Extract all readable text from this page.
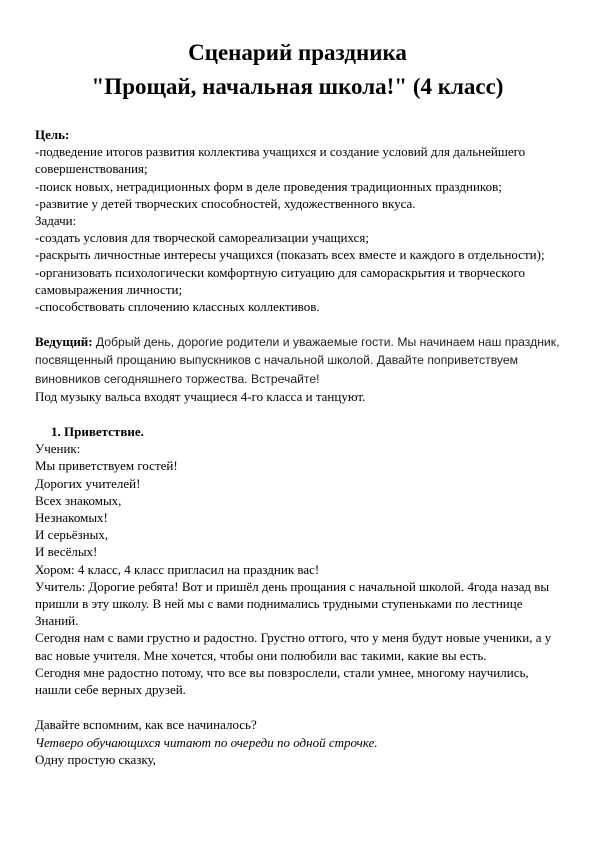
Сценарий праздника
"Прощай, начальная школа!" (4 класс)

Цель:

-подведение итогов развития коллектива учащихся и создание условий для дальнейшего совершенствования;

-поиск новых, нетрадиционных форм в деле проведения традиционных праздников;

-развитие у детей творческих способностей, художественного вкуса.

Задачи:

-создать условия для творческой самореализации учащихся;

-раскрыть личностные интересы учащихся (показать всех вместе и каждого в отдельности);

-организовать психологически комфортную ситуацию для самораскрытия и творческого самовыражения личности;

-способствовать сплочению классных коллективов.

Ведущий: Добрый день, дорогие родители и уважаемые гости. Мы начинаем наш праздник, посвященный прощанию выпускников с начальной школой. Давайте поприветствуем виновников сегодняшнего торжества. Встречайте!

Под музыку вальса входят учащиеся 4-го класса и танцуют.

1. Приветствие.

Ученик:

Мы приветствуем гостей!

Дорогих учителей!

Всех знакомых,

Незнакомых!

И серьёзных,

И весёлых!

Хором: 4 класс, 4 класс пригласил на праздник вас!

Учитель: Дорогие ребята! Вот и пришёл день прощания с начальной школой. 4года назад вы пришли в эту школу. В ней мы с вами поднимались трудными ступеньками по лестнице Знаний.

Сегодня нам с вами грустно и радостно. Грустно оттого, что у меня будут новые ученики, а у вас новые учителя. Мне хочется, чтобы они полюбили вас такими, какие вы есть.

Сегодня мне радостно потому, что все вы повзрослели, стали умнее, многому научились, нашли себе верных друзей.

Давайте вспомним, как все начиналось?

Четверо обучающихся читают по очереди по одной строчке.

Одну простую сказку,
